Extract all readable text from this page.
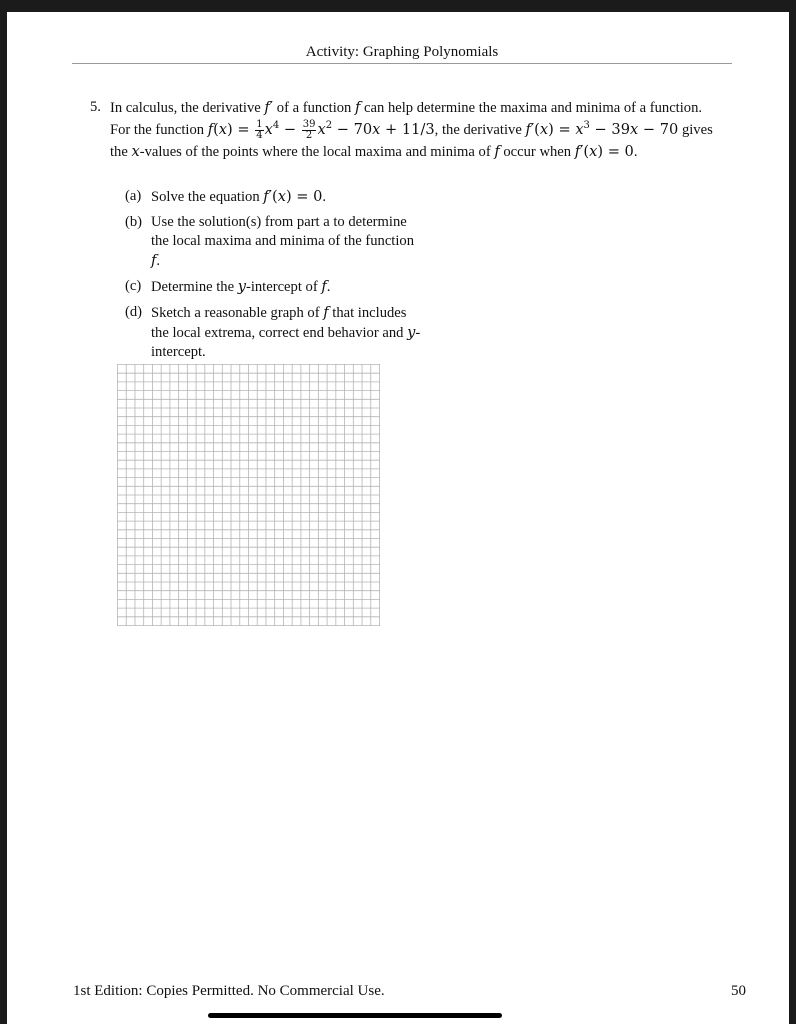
Activity: Graphing Polynomials
5. In calculus, the derivative f′ of a function f can help determine the maxima and minima of a function.
For the function $f(x) = \frac{1}{4} x^4 - \frac{39}{2} x^2 - 70x + 11/3$, the derivative $f'(x) = x^3 - 39x - 70$ gives
the x-values of the points where the local maxima and minima of f occur when f′(x) = 0.
(a) Solve the equation f′(x) = 0.
(b) Use the solution(s) from part a to determine the local maxima and minima of the function f.
(c) Determine the y-intercept of f.
(d) Sketch a reasonable graph of f that includes the local extrema, correct end behavior and y-intercept.
1st Edition: Copies Permitted. No Commercial Use.	50
